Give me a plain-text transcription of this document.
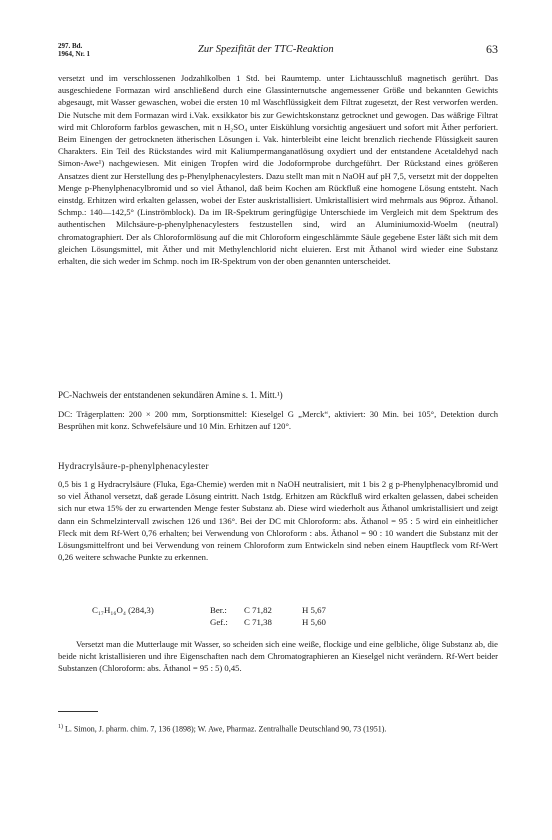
297. Bd.
1964, Nr. 1	Zur Spezifität der TTC-Reaktion	63

versetzt und im verschlossenen Jodzahlkolben 1 Std. bei Raumtemp. unter Lichtausschluß magnetisch gerührt. Das ausgeschiedene Formazan wird anschließend durch eine Glassinternutsche angemessener Größe und bekannten Gewichts abgesaugt, mit Wasser gewaschen, wobei die ersten 10 ml Waschflüssigkeit dem Filtrat zugesetzt, der Rest verworfen werden. Die Nutsche mit dem Formazan wird i.Vak. exsikkator bis zur Gewichtskonstanz getrocknet und gewogen. Das wäßrige Filtrat wird mit Chloroform farblos gewaschen, mit n H₂SO₄ unter Eiskühlung vorsichtig angesäuert und sofort mit Äther perforiert. Beim Einengen der getrockneten ätherischen Lösungen i. Vak. hinterbleibt eine leicht brenzlich riechende Flüssigkeit sauren Charakters. Ein Teil des Rückstandes wird mit Kaliumpermanganatlösung oxydiert und der entstandene Acetaldehyd nach Simon-Awe¹) nachgewiesen. Mit einigen Tropfen wird die Jodoformprobe durchgeführt. Der Rückstand eines größeren Ansatzes dient zur Herstellung des p-Phenylphenacylesters. Dazu stellt man mit n NaOH auf pH 7,5, versetzt mit der doppelten Menge p-Phenylphenacylbromid und so viel Äthanol, daß beim Kochen am Rückfluß eine homogene Lösung entsteht. Nach einstdg. Erhitzen wird erkalten gelassen, wobei der Ester auskristallisiert. Umkristallisiert wird mehrmals aus 96proz. Äthanol. Schmp.: 140—142,5° (Linströmblock). Da im IR-Spektrum geringfügige Unterschiede im Vergleich mit dem Spektrum des authentischen Milchsäure-p-phenylphenacylesters festzustellen sind, wird an Aluminiumoxid-Woelm (neutral) chromatographiert. Der als Chloroformlösung auf die mit Chloroform eingeschlämmte Säule gegebene Ester läßt sich mit dem gleichen Lösungsmittel, mit Äther und mit Methylenchlorid nicht eluieren. Erst mit Äthanol wird wieder eine Substanz erhalten, die sich weder im Schmp. noch im IR-Spektrum von der oben genannten unterscheidet.

PC-Nachweis der entstandenen sekundären Amine s. 1. Mitt.¹)

DC: Trägerplatten: 200 × 200 mm, Sorptionsmittel: Kieselgel G „Merck“, aktiviert: 30 Min. bei 105°, Detektion durch Besprühen mit konz. Schwefelsäure und 10 Min. Erhitzen auf 120°.

Hydracrylsäure-p-phenylphenacylester

0,5 bis 1 g Hydracrylsäure (Fluka, Ega-Chemie) werden mit n NaOH neutralisiert, mit 1 bis 2 g p-Phenylphenacylbromid und so viel Äthanol versetzt, daß gerade Lösung eintritt. Nach 1stdg. Erhitzen am Rückfluß wird erkalten gelassen, dabei scheiden sich nur etwa 15% der zu erwartenden Menge fester Substanz ab. Diese wird wiederholt aus Äthanol umkristallisiert und zeigt dann ein Schmelzintervall zwischen 126 und 136°. Bei der DC mit Chloroform: abs. Äthanol = 95 : 5 wird ein einheitlicher Fleck mit dem Rf-Wert 0,76 erhalten; bei Verwendung von Chloroform : abs. Äthanol = 90 : 10 wandert die Substanz mit der Lösungsmittelfront und bei Verwendung von reinem Chloroform zum Entwickeln sind neben einem Hauptfleck vom Rf-Wert 0,26 weitere schwache Punkte zu erkennen.

C₁₇H₁₆O₄ (284,3)	Ber.: C 71,82	H 5,67
Gef.: C 71,38	H 5,60

Versetzt man die Mutterlauge mit Wasser, so scheiden sich eine weiße, flockige und eine gelbliche, ölige Substanz ab, die beide nicht kristallisieren und ihre Eigenschaften nach dem Chromatographieren an Kieselgel nicht verändern. Rf-Wert beider Substanzen (Chloroform: abs. Äthanol = 95 : 5) 0,45.

$^{1)}$ L. Simon, J. pharm. chim. 7, 136 (1898); W. Awe, Pharmaz. Zentralhalle Deutschland 90, 73 (1951).
